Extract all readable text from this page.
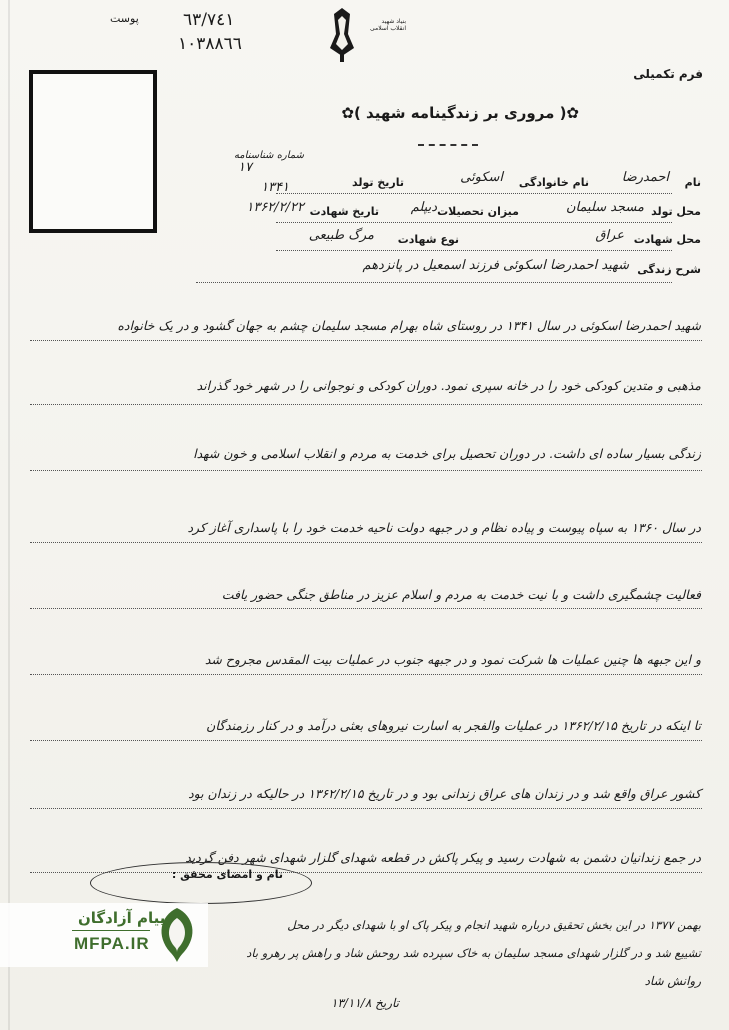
٦٣/٧٤١
١٠٣٨٨٦٦
پوست	بنیاد شهید انقلاب اسلامی
فرم تکمیلی
✿( مروری بر زندگینامه شهید )✿
نام
احمدرضا
نام خانوادگی
اسکوئی
تاریخ تولد
۱۳۴۱
شماره شناسنامه
۱۷
محل تولد
مسجد سلیمان
میزان تحصیلات
دیپلم
تاریخ شهادت
۱۳۶۲/۲/۲۲
محل شهادت
عراق
نوع شهادت
مرگ طبیعی
شرح زندگی
شهید احمدرضا اسکوئی فرزند اسمعیل در پانزدهم
شهید احمدرضا اسکوئی در سال ۱۳۴۱ در روستای شاه بهرام مسجد سلیمان چشم به جهان گشود و در یک خانواده
مذهبی و متدین کودکی خود را در خانه سپری نمود. دوران کودکی و نوجوانی را در شهر خود گذراند
زندگی بسیار ساده ای داشت. در دوران تحصیل برای خدمت به مردم و انقلاب اسلامی و خون شهدا
در سال ۱۳۶۰ به سپاه پیوست و پیاده نظام و در جبهه دولت ناحیه خدمت خود را با پاسداری آغاز کرد
فعالیت چشمگیری داشت و با نیت خدمت به مردم و اسلام عزیز در مناطق جنگی حضور یافت
و این جبهه ها چنین عملیات ها شرکت نمود و در جبهه جنوب در عملیات بیت المقدس مجروح شد
تا اینکه در تاریخ ۱۳۶۲/۲/۱۵ در عملیات والفجر به اسارت نیروهای بعثی درآمد و در کنار رزمندگان
کشور عراق واقع شد و در زندان های عراق زندانی بود و در تاریخ ۱۳۶۲/۲/۱۵ در حالیکه در زندان بود
در جمع زندانیان دشمن به شهادت رسید و پیکر پاکش در قطعه شهدای گلزار شهدای شهر دفن گردید
نام و امضای محقق :
بهمن ۱۳۷۷ در این بخش تحقیق درباره شهید انجام و پیکر پاک او با شهدای دیگر در محل
تشییع شد و در گلزار شهدای مسجد سلیمان به خاک سپرده شد روحش شاد و راهش پر رهرو باد
روانش شاد
تاریخ ۱۳/۱۱/۸
پیام آزادگان
MFPA.IR
